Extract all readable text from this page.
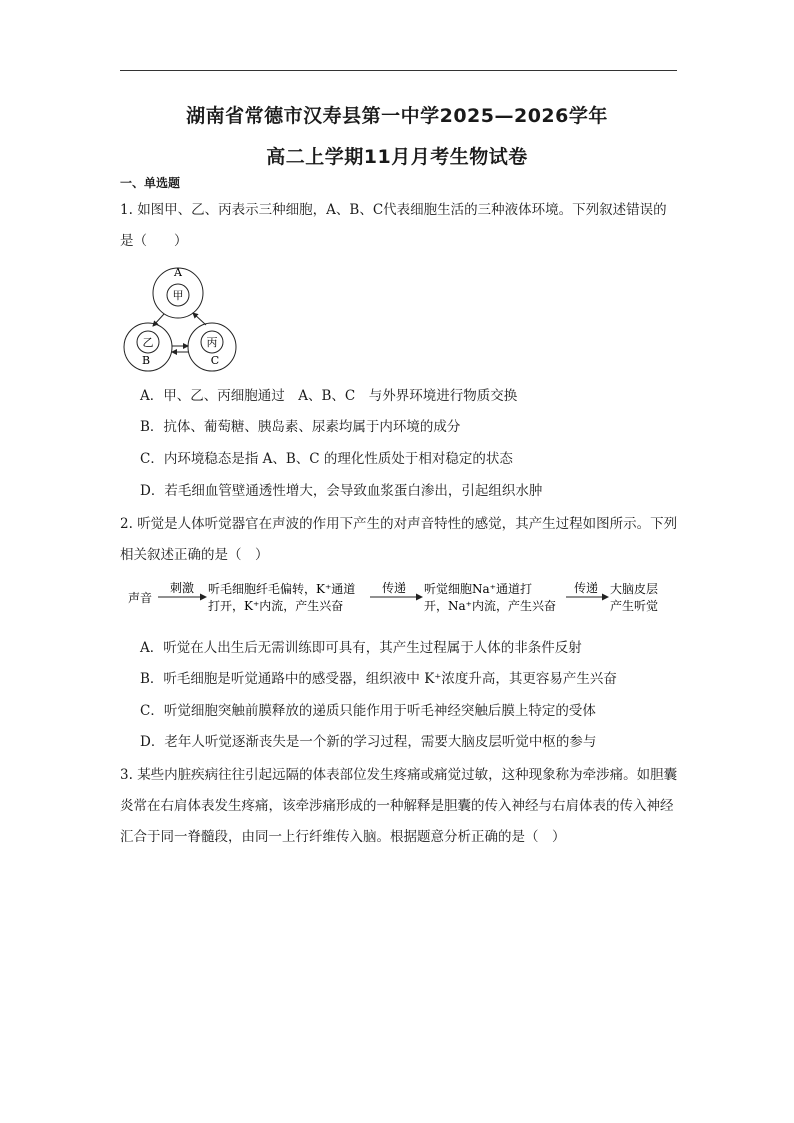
湖南省常德市汉寿县第一中学2025—2026学年
高二上学期11月月考生物试卷
一、单选题
1. 如图甲、乙、丙表示三种细胞，A、B、C代表细胞生活的三种液体环境。下列叙述错误的是（　　）
A
甲
乙
B
丙
C
A．甲、乙、丙细胞通过　A、B、C　与外界环境进行物质交换
B．抗体、葡萄糖、胰岛素、尿素均属于内环境的成分
C．内环境稳态是指 A、B、C 的理化性质处于相对稳定的状态
D．若毛细血管壁通透性增大，会导致血浆蛋白渗出，引起组织水肿
2. 听觉是人体听觉器官在声波的作用下产生的对声音特性的感觉，其产生过程如图所示。下列相关叙述正确的是（　）
声音
刺激 听毛细胞纤毛偏转，K⁺通道
打开，K⁺内流，产生兴奋
传递 听觉细胞Na⁺通道打
开，Na⁺内流，产生兴奋
传递 大脑皮层
产生听觉
A．听觉在人出生后无需训练即可具有，其产生过程属于人体的非条件反射
B．听毛细胞是听觉通路中的感受器，组织液中 K⁺浓度升高，其更容易产生兴奋
C．听觉细胞突触前膜释放的递质只能作用于听毛神经突触后膜上特定的受体
D．老年人听觉逐渐丧失是一个新的学习过程，需要大脑皮层听觉中枢的参与
3. 某些内脏疾病往往引起远隔的体表部位发生疼痛或痛觉过敏，这种现象称为牵涉痛。如胆囊炎常在右肩体表发生疼痛，该牵涉痛形成的一种解释是胆囊的传入神经与右肩体表的传入神经汇合于同一脊髓段，由同一上行纤维传入脑。根据题意分析正确的是（　）
